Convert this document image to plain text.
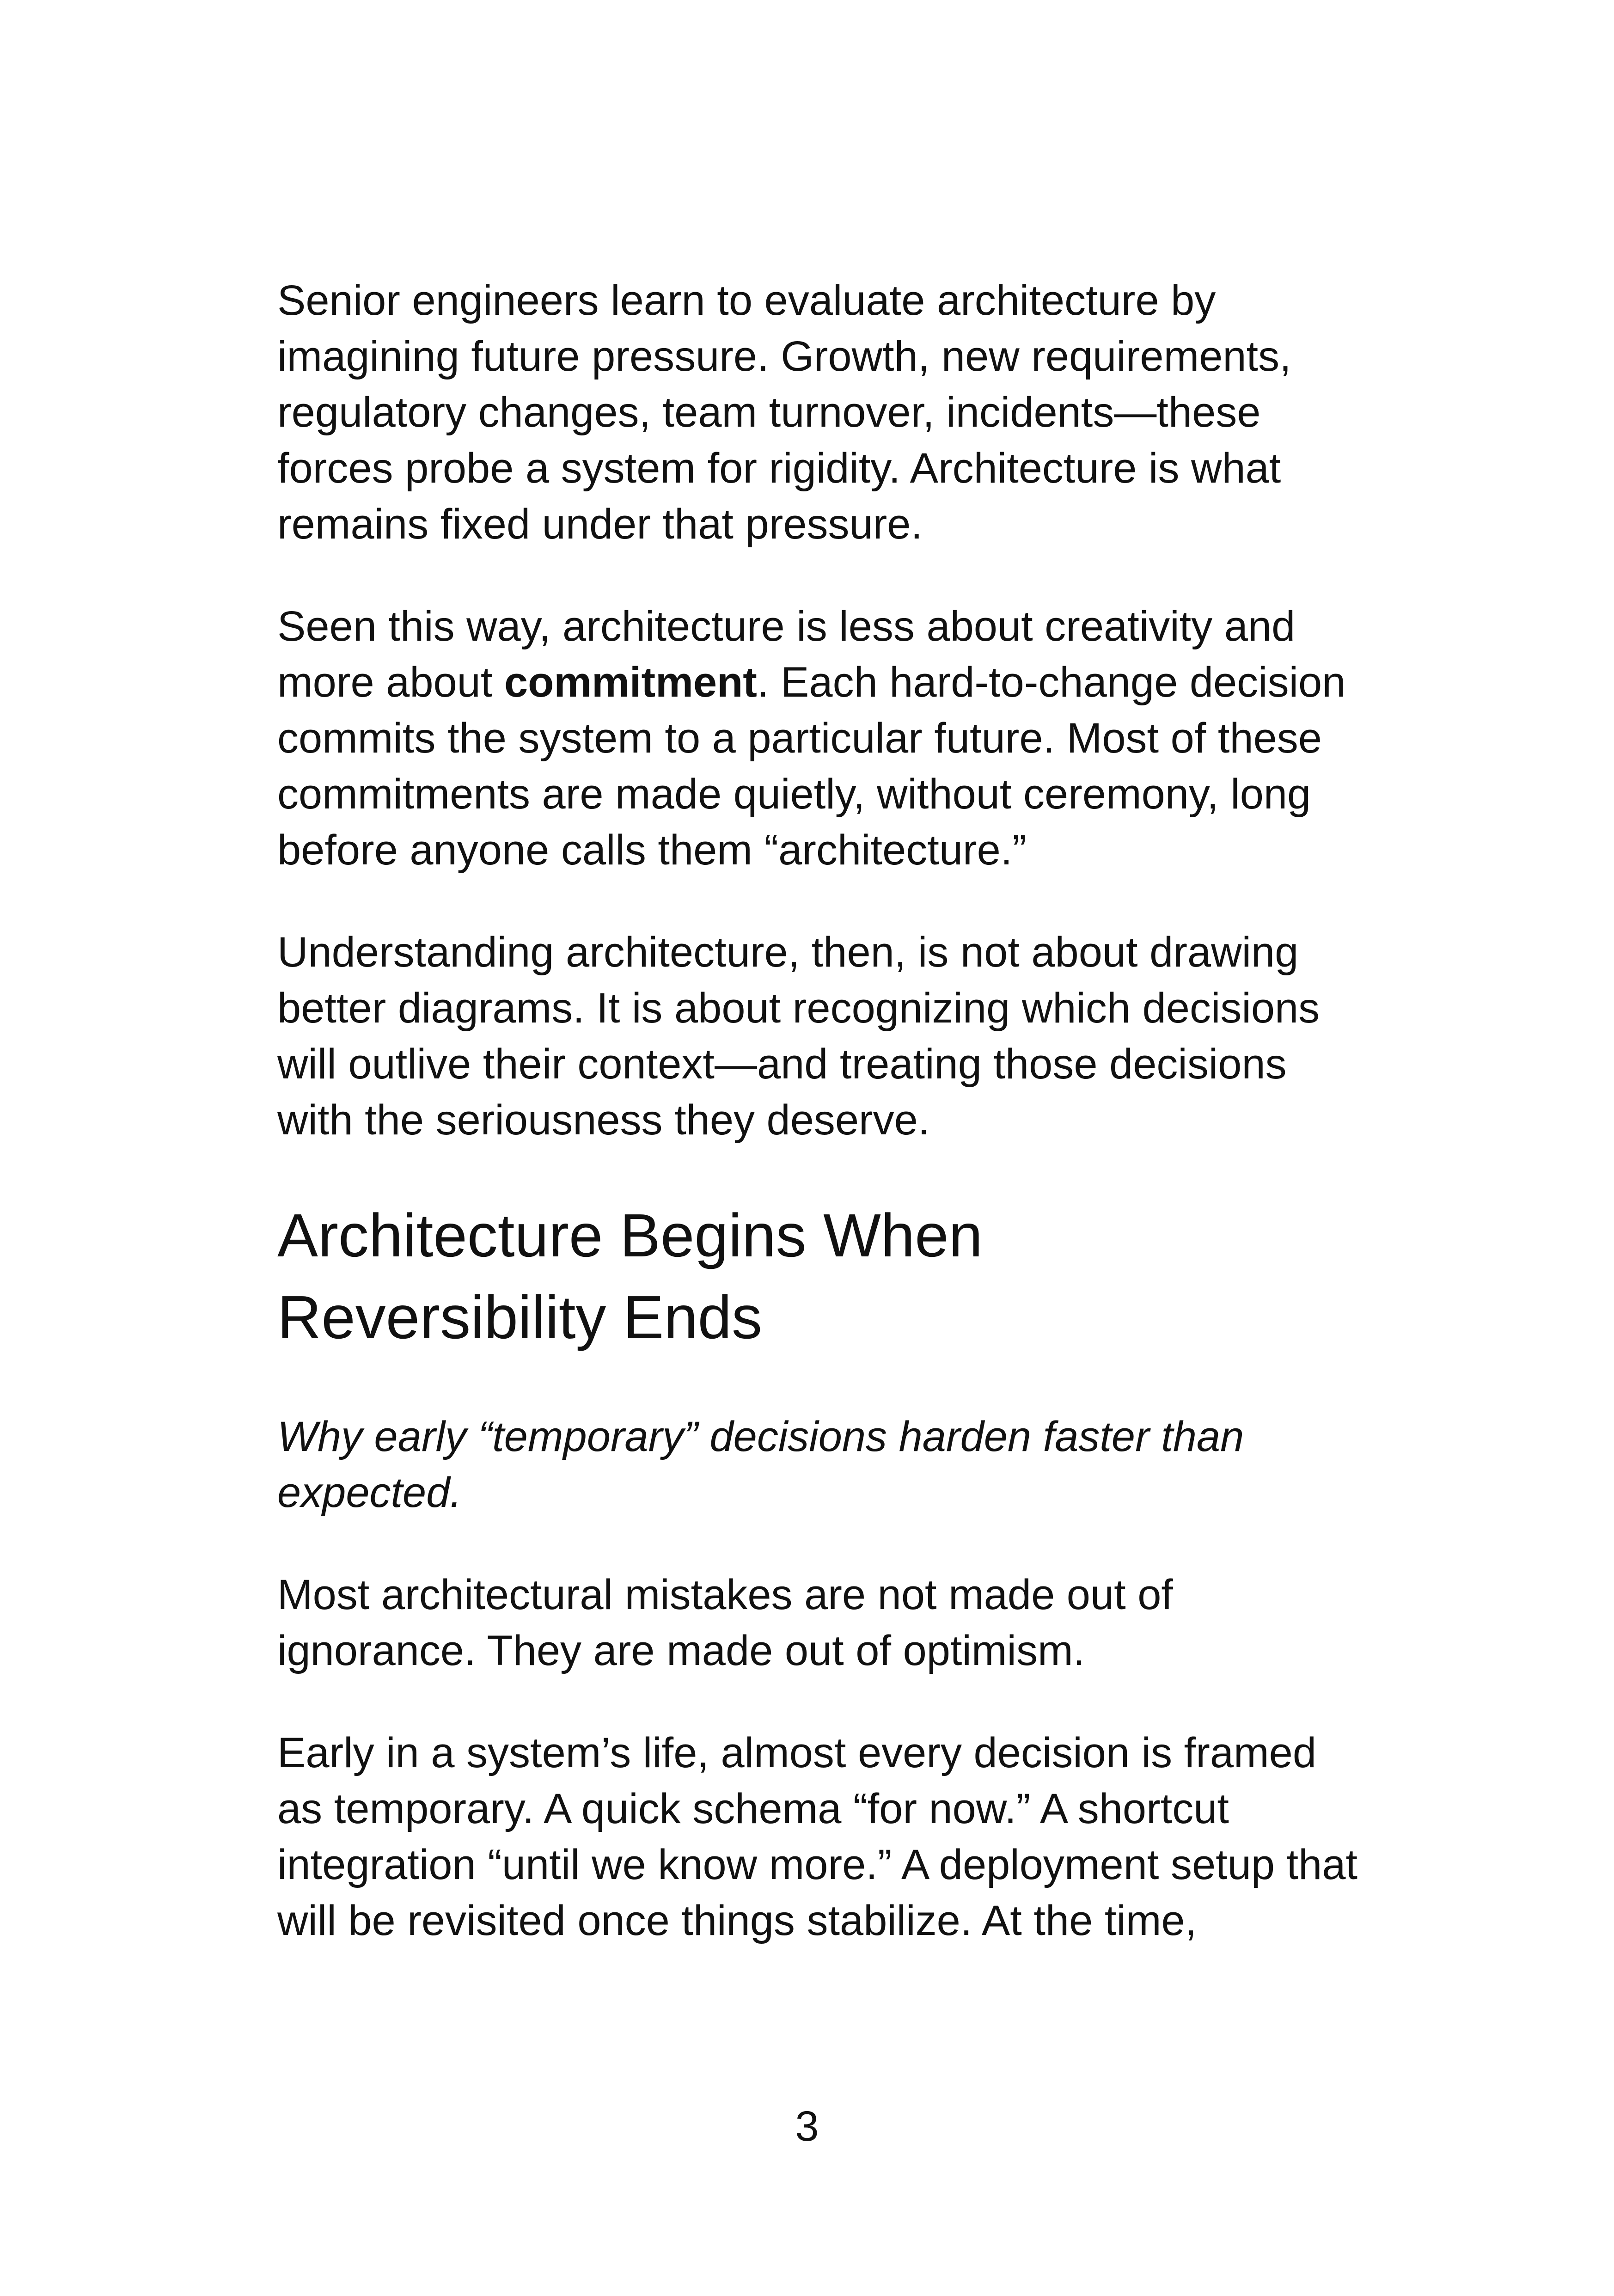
Senior engineers learn to evaluate architecture by imagining future pressure. Growth, new requirements, regulatory changes, team turnover, incidents—these forces probe a system for rigidity. Architecture is what remains fixed under that pressure.

Seen this way, architecture is less about creativity and more about commitment. Each hard-to-change decision commits the system to a particular future. Most of these commitments are made quietly, without ceremony, long before anyone calls them “architecture.”

Understanding architecture, then, is not about drawing better diagrams. It is about recognizing which decisions will outlive their context—and treating those decisions with the seriousness they deserve.

Architecture Begins When Reversibility Ends

Why early “temporary” decisions harden faster than expected.

Most architectural mistakes are not made out of ignorance. They are made out of optimism.

Early in a system’s life, almost every decision is framed as temporary. A quick schema “for now.” A shortcut integration “until we know more.” A deployment setup that will be revisited once things stabilize. At the time,

3
